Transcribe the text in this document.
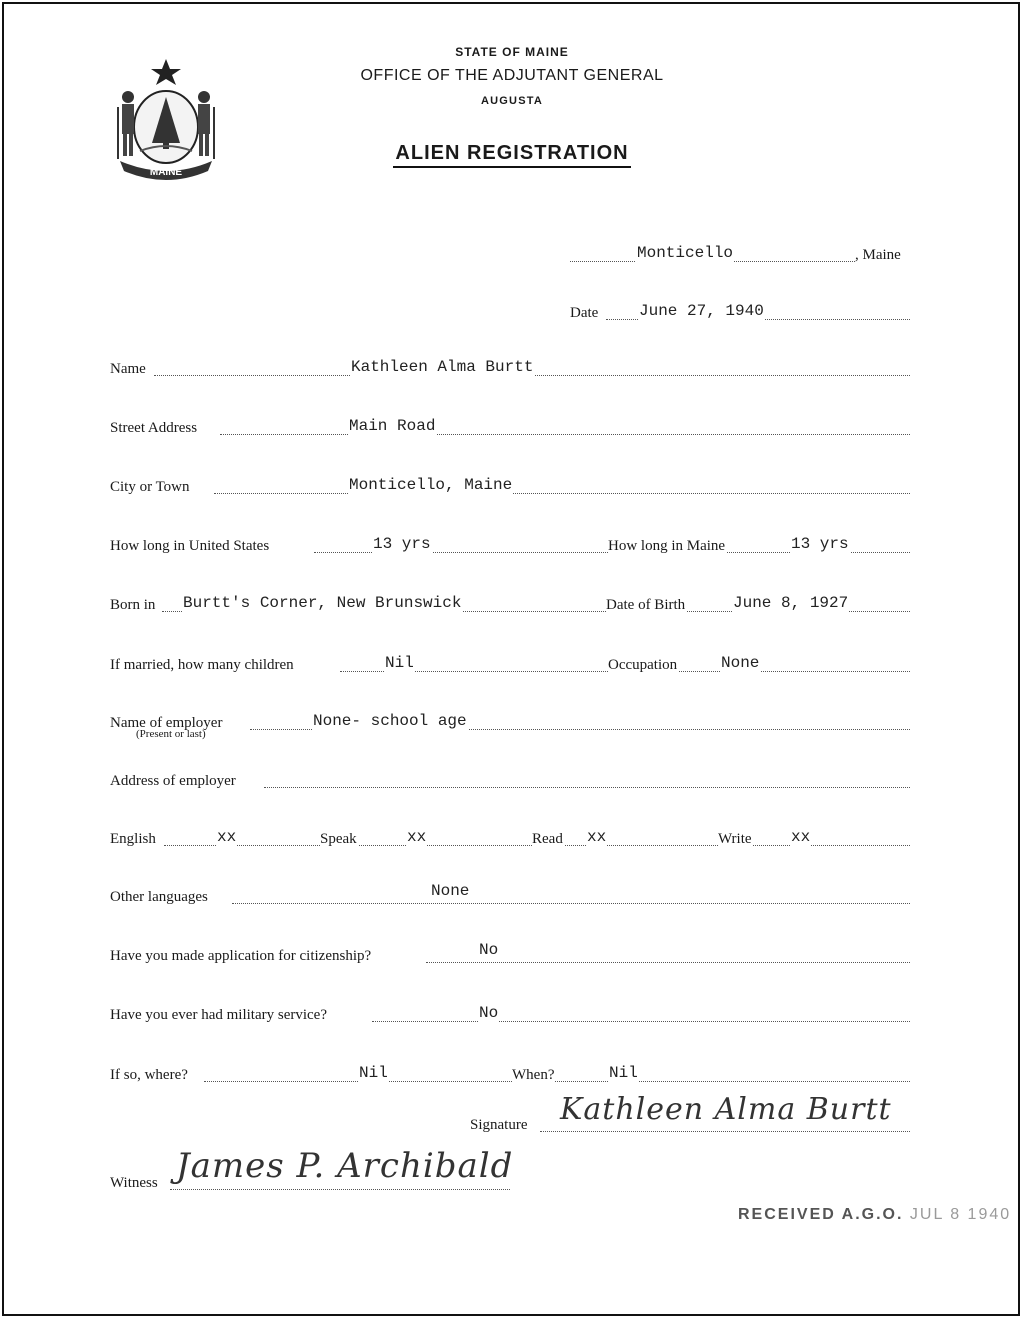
MAINE
STATE OF MAINE
OFFICE OF THE ADJUTANT GENERAL
AUGUSTA
ALIEN REGISTRATION
Monticello	, Maine
Date	June 27, 1940
Name	Kathleen Alma Burtt
Street Address	Main Road
City or Town	Monticello, Maine
How long in United States	13 yrs	How long in Maine	13 yrs
Born in Burtt's Corner, New Brunswick	Date of Birth	June 8, 1927
If married, how many children	Nil	Occupation	None
Name of employer	None- school age
(Present or last)
Address of employer
English	xx	Speak	xx	Read xx	Write xx
Other languages	None
Have you made application for citizenship?	No
Have you ever had military service?	No
If so, where?	Nil	When?	Nil
Signature Kathleen Alma Burtt
Witness James P. Archibald
RECEIVED A.G.O. JUL 8 1940
